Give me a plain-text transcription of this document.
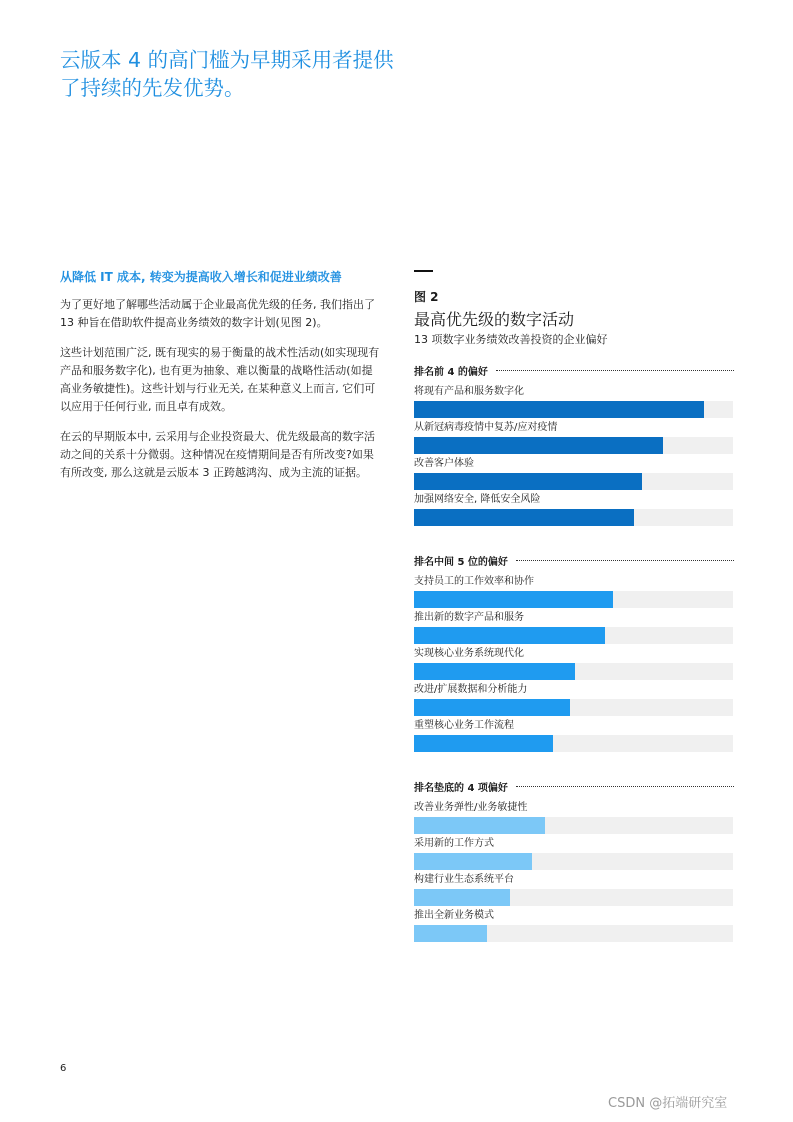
云版本 4 的高门槛为早期采用者提供了持续的先发优势。
从降低 IT 成本, 转变为提高收入增长和促进业绩改善

为了更好地了解哪些活动属于企业最高优先级的任务, 我们指出了 13 种旨在借助软件提高业务绩效的数字计划(见图 2)。

这些计划范围广泛, 既有现实的易于衡量的战术性活动(如实现现有产品和服务数字化), 也有更为抽象、难以衡量的战略性活动(如提高业务敏捷性)。这些计划与行业无关, 在某种意义上而言, 它们可以应用于任何行业, 而且卓有成效。

在云的早期版本中, 云采用与企业投资最大、优先级最高的数字活动之间的关系十分微弱。这种情况在疫情期间是否有所改变?如果有所改变, 那么这就是云版本 3 正跨越鸿沟、成为主流的证据。

图 2
最高优先级的数字活动
13 项数字业务绩效改善投资的企业偏好
排名前 4 的偏好
将现有产品和服务数字化
从新冠病毒疫情中复苏/应对疫情
改善客户体验
加强网络安全, 降低安全风险
排名中间 5 位的偏好
支持员工的工作效率和协作
推出新的数字产品和服务
实现核心业务系统现代化
改进/扩展数据和分析能力
重塑核心业务工作流程
排名垫底的 4 项偏好
改善业务弹性/业务敏捷性
采用新的工作方式
构建行业生态系统平台
推出全新业务模式
6
CSDN @拓端研究室
